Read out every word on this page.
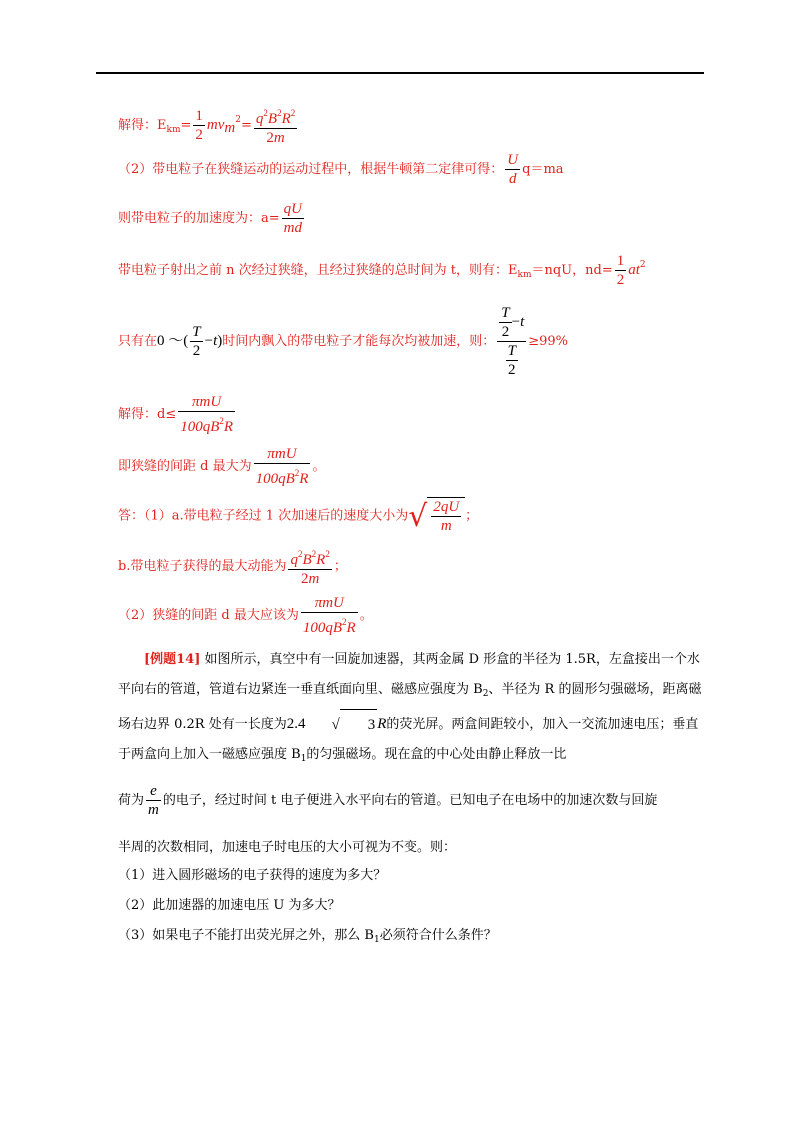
解得：$E_{km}= \frac{1}{2} mv_m^2= \frac{q^2B^2R^2}{2m}$
（2）带电粒子在狭缝运动的运动过程中，根据牛顿第二定律可得： $\frac{U}{d} q=ma$
则带电粒子的加速度为：$a= \frac{qU}{md}$
带电粒子射出之前 n 次经过狭缝，且经过狭缝的总时间为 t，则有：$E_{km}=nqU$，$nd= \frac{1}{2} at^2$
只有在0 ～( $\frac{T}{2} -t$)时间内飘入的带电粒子才能每次均被加速，则： $\frac{\frac{T}{2} -t}{\frac{T}{2}} \ge 99\%$
解得：d≤
πmU
$100qB^2R$
即狭缝的间距 d 最大为
πmU
$100qB^2R$
。
答：（1）a.带电粒子经过 1 次加速后的速度大小为 √ $\frac{2qU}{m}$ ；
b.带电粒子获得的最大动能为 $\frac{q^2B^2R^2}{2m}$ ；
（2）狭缝的间距 d 最大应该为
πmU
$100qB^2R$
。
[例题14] 如图所示，真空中有一回旋加速器，其两金属 D 形盒的半径为 1.5R，左盒接出一个水平向右的管道，管道右边紧连一垂直纸面向里、磁感应强度为 $B_2$、半径为 R 的圆形匀强磁场，距离磁场右边界 0.2R 处有一长度为2.4	√	3 R的荧光屏。两盒间距较小，加入一交流加速电压；垂直于两盒向上加入一磁感应强度 $B_1$的匀强磁场。现在盒的中心处由静止释放一比
荷为 $\frac{e}{m}$ 的电子，经过时间 t 电子便进入水平向右的管道。已知电子在电场中的加速次数与回旋
半周的次数相同，加速电子时电压的大小可视为不变。则：
（1）进入圆形磁场的电子获得的速度为多大？
（2）此加速器的加速电压 U 为多大？
（3）如果电子不能打出荧光屏之外，那么 $B_1$必须符合什么条件？
